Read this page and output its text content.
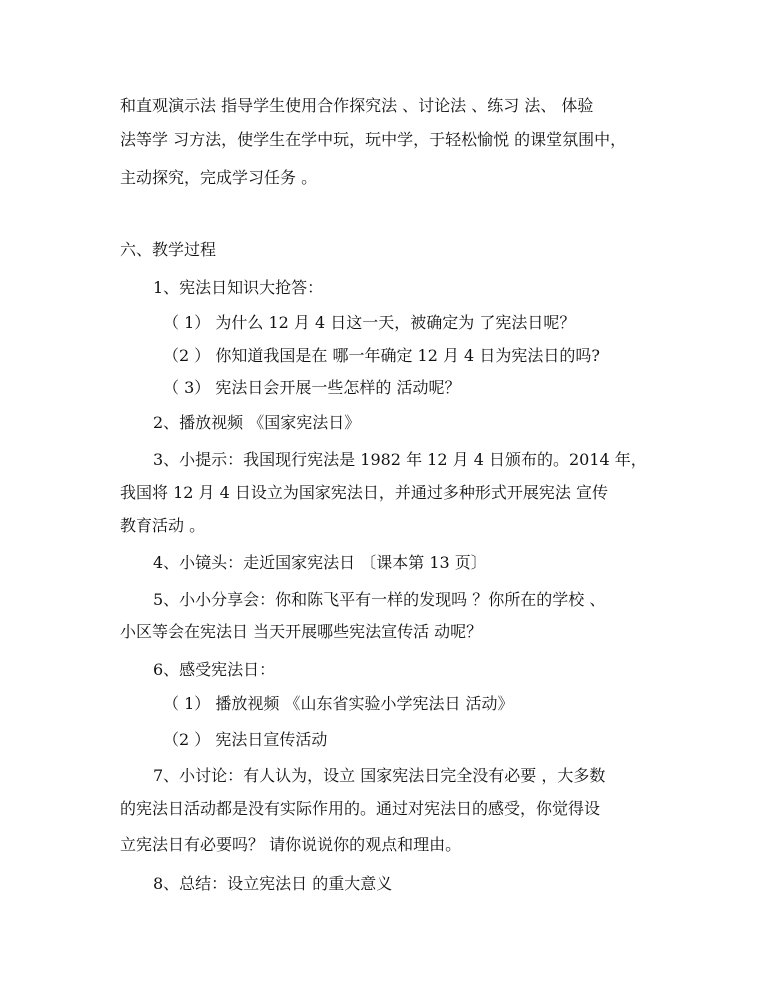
和直观演示法 指导学生使用合作探究法 、讨论法 、练习 法、 体验
法等学 习方法，使学生在学中玩，玩中学，于轻松愉悦 的课堂氛围中，
主动探究，完成学习任务 。
六、教学过程
1、宪法日知识大抢答：
（ 1） 为什么 12 月 4 日这一天，被确定为 了宪法日呢？
（2 ） 你知道我国是在 哪一年确定 12 月 4 日为宪法日的吗?
（ 3） 宪法日会开展一些怎样的 活动呢？
2、播放视频 《国家宪法日》
3、小提示：我国现行宪法是 1982 年 12 月 4 日颁布的。2014 年，
我国将 12 月 4 日设立为国家宪法日，并通过多种形式开展宪法 宣传
教育活动 。
4、小镜头：走近国家宪法日 〔课本第 13 页〕
5、小小分享会：你和陈飞平有一样的发现吗 ？你所在的学校 、
小区等会在宪法日 当天开展哪些宪法宣传活 动呢？
6、感受宪法日：
（ 1） 播放视频 《山东省实验小学宪法日 活动》
（2 ） 宪法日宣传活动
7、小讨论：有人认为，设立 国家宪法日完全没有必要 ，大多数
的宪法日活动都是没有实际作用的。通过对宪法日的感受，你觉得设
立宪法日有必要吗？ 请你说说你的观点和理由。
8、总结：设立宪法日 的重大意义
